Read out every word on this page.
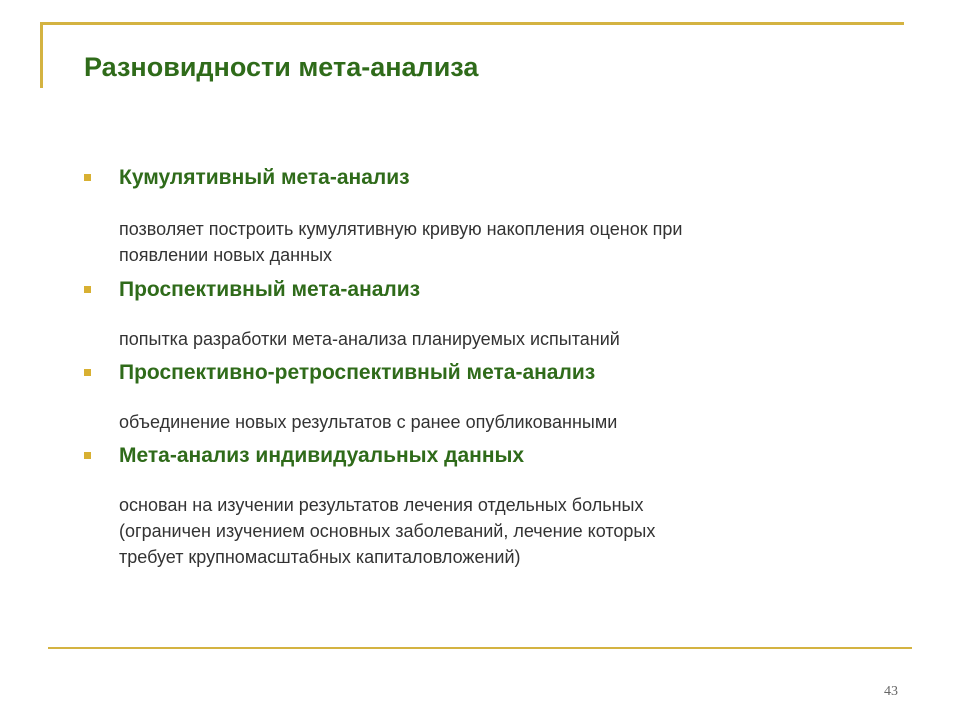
Разновидности мета-анализа
Кумулятивный мета-анализ
позволяет построить кумулятивную кривую накопления оценок при
появлении новых данных
Проспективный мета-анализ
попытка разработки мета-анализа планируемых испытаний
Проспективно-ретроспективный мета-анализ
объединение новых результатов с ранее опубликованными
Мета-анализ индивидуальных данных
основан на изучении результатов лечения отдельных больных
(ограничен изучением основных заболеваний, лечение которых
требует крупномасштабных капиталовложений)
43
